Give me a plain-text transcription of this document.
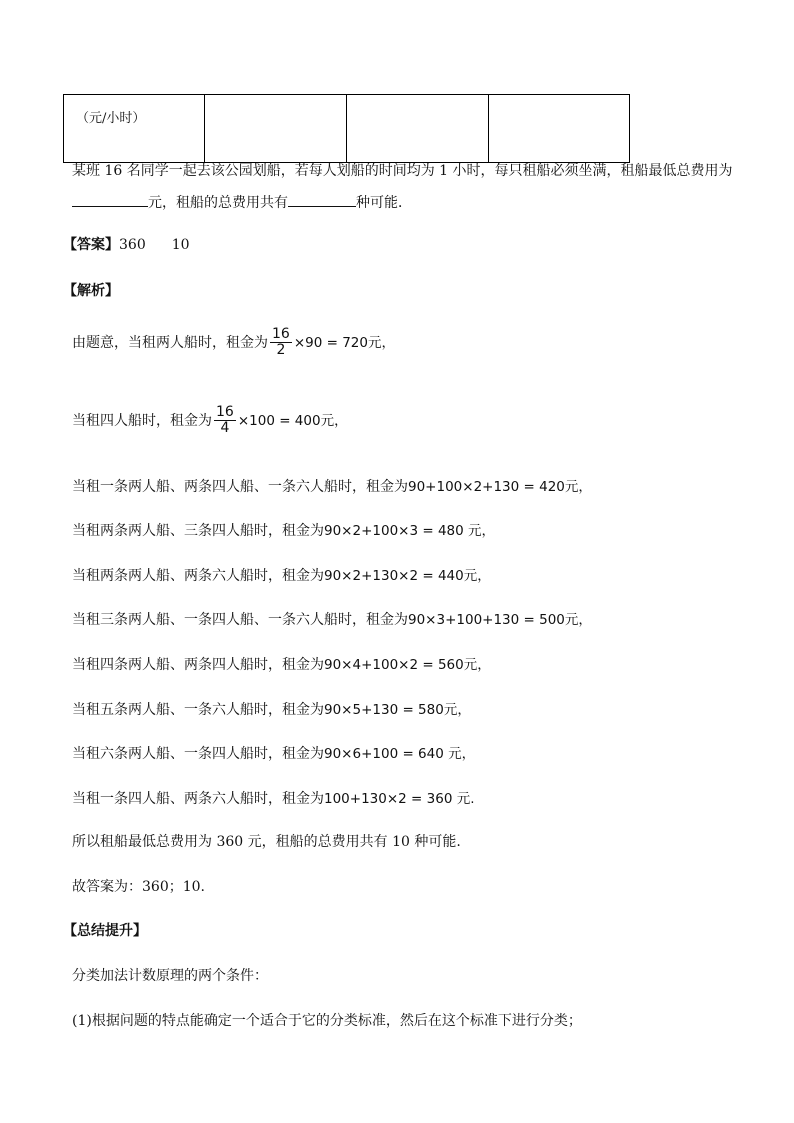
（元/小时）			
某班 16 名同学一起去该公园划船，若每人划船的时间均为 1 小时，每只租船必须坐满，租船最低总费用为
元，租船的总费用共有	种可能．
【答案】360 10
【解析】
由题意，当租两人船时，租金为 $\frac{16}{2} \times 90 = 720$元，
当租四人船时，租金为 $\frac{16}{4} \times 100 = 400$元，
当租一条两人船、两条四人船、一条六人船时，租金为90+100×2+130 = 420元，
当租两条两人船、三条四人船时，租金为90×2+100×3 = 480 元，
当租两条两人船、两条六人船时，租金为90×2+130×2 = 440元，
当租三条两人船、一条四人船、一条六人船时，租金为90×3+100+130 = 500元，
当租四条两人船、两条四人船时，租金为90×4+100×2 = 560元，
当租五条两人船、一条六人船时，租金为90×5+130 = 580元，
当租六条两人船、一条四人船时，租金为90×6+100 = 640 元，
当租一条四人船、两条六人船时，租金为100+130×2 = 360 元.
所以租船最低总费用为 360 元，租船的总费用共有 10 种可能.
故答案为：360；10.
【总结提升】
分类加法计数原理的两个条件：
(1)根据问题的特点能确定一个适合于它的分类标准，然后在这个标准下进行分类；
